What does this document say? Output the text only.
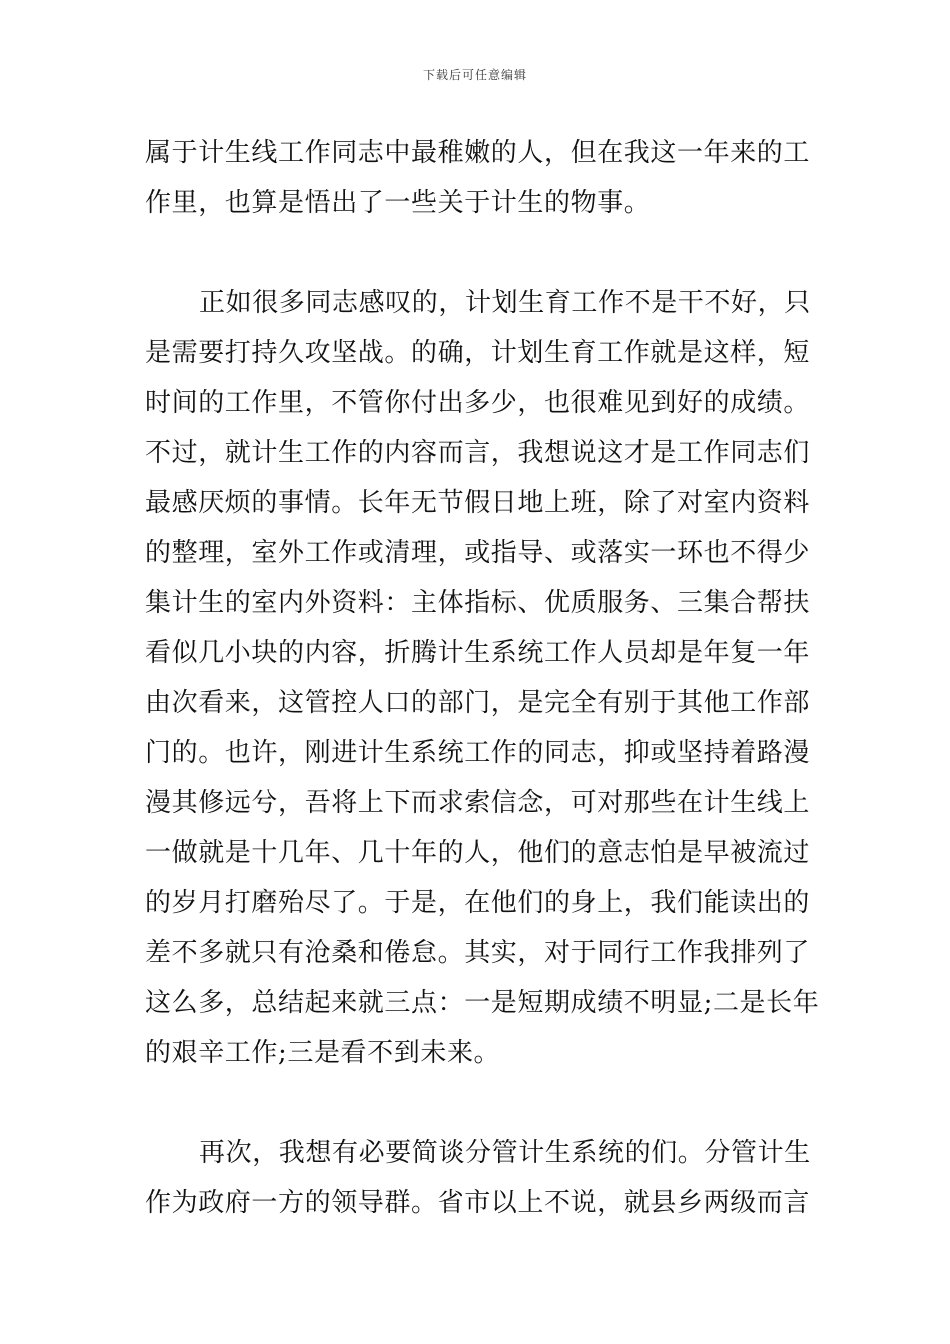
下载后可任意编辑
属于计生线工作同志中最稚嫩的人，但在我这一年来的工
作里，也算是悟出了一些关于计生的物事。
正如很多同志感叹的，计划生育工作不是干不好，只
是需要打持久攻坚战。的确，计划生育工作就是这样，短
时间的工作里，不管你付出多少，也很难见到好的成绩。
不过，就计生工作的内容而言，我想说这才是工作同志们
最感厌烦的事情。长年无节假日地上班，除了对室内资料
的整理，室外工作或清理，或指导、或落实一环也不得少
集计生的室内外资料：主体指标、优质服务、三集合帮扶
看似几小块的内容，折腾计生系统工作人员却是年复一年
由次看来，这管控人口的部门，是完全有别于其他工作部
门的。也许，刚进计生系统工作的同志，抑或坚持着路漫
漫其修远兮，吾将上下而求索信念，可对那些在计生线上
一做就是十几年、几十年的人，他们的意志怕是早被流过
的岁月打磨殆尽了。于是，在他们的身上，我们能读出的
差不多就只有沧桑和倦怠。其实，对于同行工作我排列了
这么多，总结起来就三点：一是短期成绩不明显;二是长年
的艰辛工作;三是看不到未来。
再次，我想有必要简谈分管计生系统的们。分管计生
作为政府一方的领导群。省市以上不说，就县乡两级而言
